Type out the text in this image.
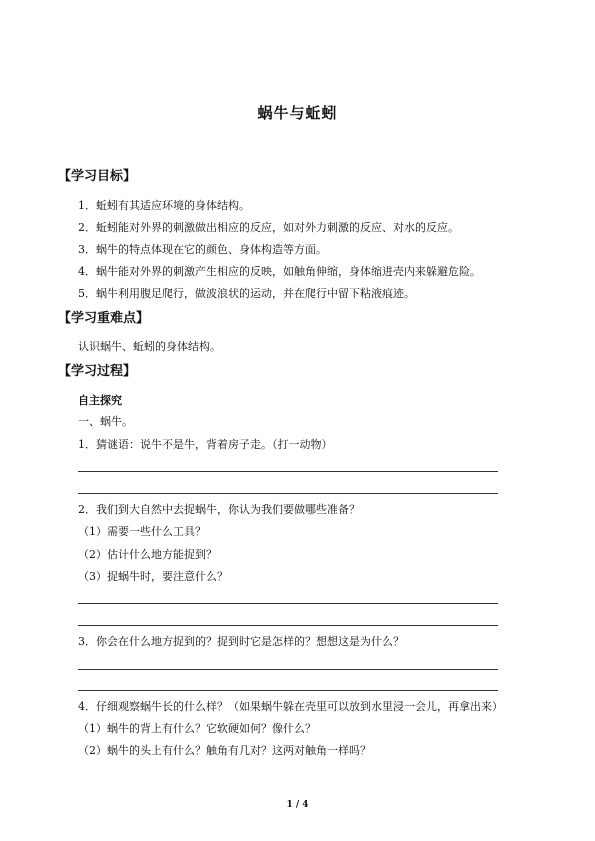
蜗牛与蚯蚓
【学习目标】
1．蚯蚓有其适应环境的身体结构。
2．蚯蚓能对外界的刺激做出相应的反应，如对外力刺激的反应、对水的反应。
3．蜗牛的特点体现在它的颜色、身体构造等方面。
4．蜗牛能对外界的刺激产生相应的反映，如触角伸缩，身体缩进壳内来躲避危险。
5．蜗牛利用腹足爬行，做波浪状的运动，并在爬行中留下粘液痕迹。
【学习重难点】
认识蜗牛、蚯蚓的身体结构。
【学习过程】
自主探究
一、蜗牛。
1．猜谜语：说牛不是牛，背着房子走。（打一动物）
2．我们到大自然中去捉蜗牛，你认为我们要做哪些准备？
（1）需要一些什么工具？
（2）估计什么地方能捉到？
（3）捉蜗牛时，要注意什么？
3．你会在什么地方捉到的？捉到时它是怎样的？想想这是为什么？
4．仔细观察蜗牛长的什么样？（如果蜗牛躲在壳里可以放到水里浸一会儿，再拿出来）
（1）蜗牛的背上有什么？它软硬如何？像什么？
（2）蜗牛的头上有什么？触角有几对？这两对触角一样吗？
1 / 4
